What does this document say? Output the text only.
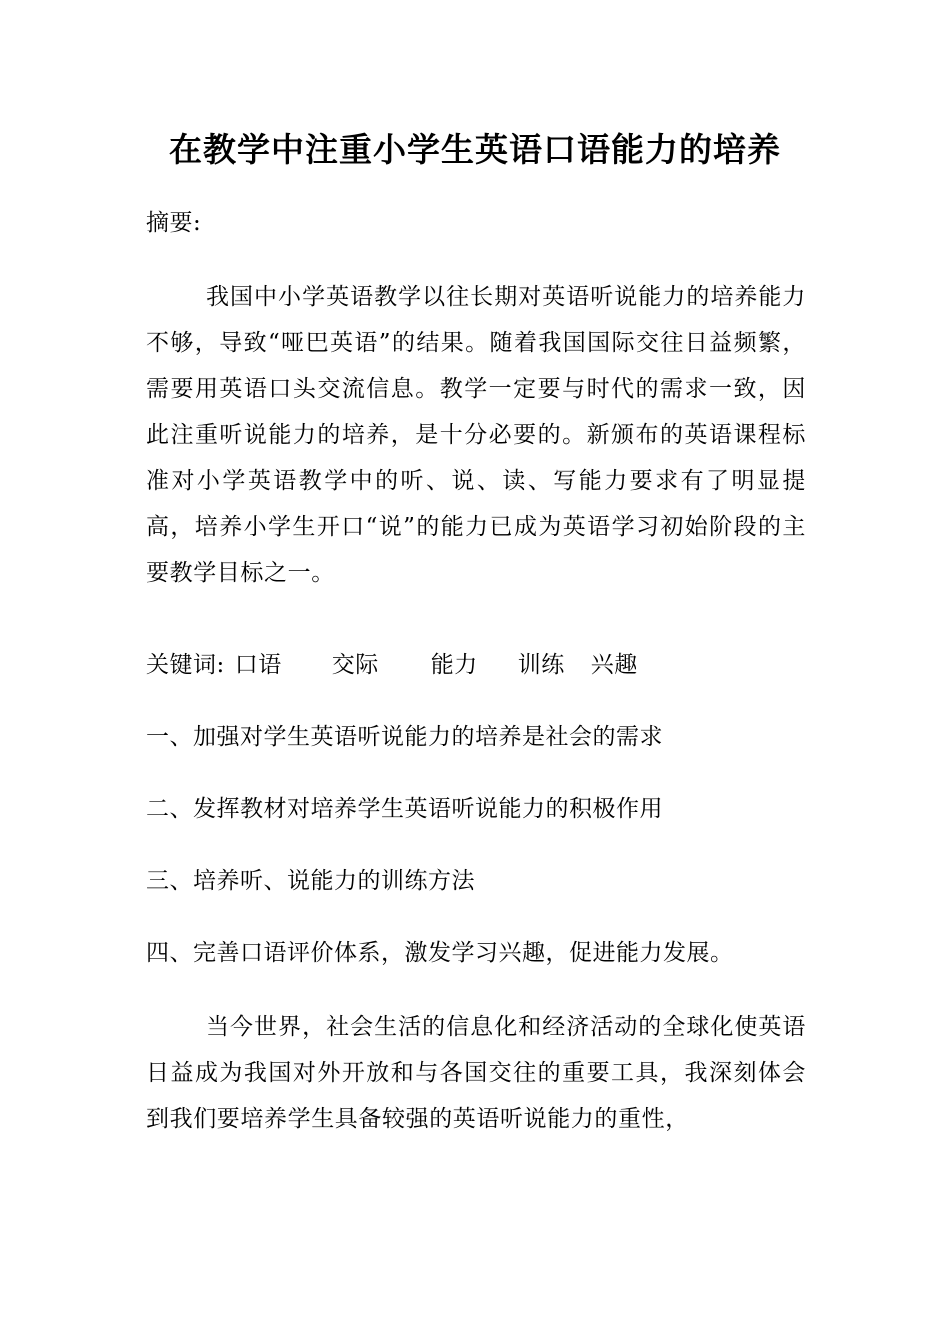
在教学中注重小学生英语口语能力的培养
摘要:
我国中小学英语教学以往长期对英语听说能力的培养能力不够，导致“哑巴英语”的结果。随着我国国际交往日益频繁，需要用英语口头交流信息。教学一定要与时代的需求一致，因此注重听说能力的培养，是十分必要的。新颁布的英语课程标准对小学英语教学中的听、说、读、写能力要求有了明显提高，培养小学生开口“说”的能力已成为英语学习初始阶段的主要教学目标之一。
关键词: 口语 交际 能力 训练 兴趣
一、加强对学生英语听说能力的培养是社会的需求
二、发挥教材对培养学生英语听说能力的积极作用
三、培养听、说能力的训练方法
四、完善口语评价体系，激发学习兴趣，促进能力发展。
当今世界，社会生活的信息化和经济活动的全球化使英语日益成为我国对外开放和与各国交往的重要工具，我深刻体会到我们要培养学生具备较强的英语听说能力的重性，
